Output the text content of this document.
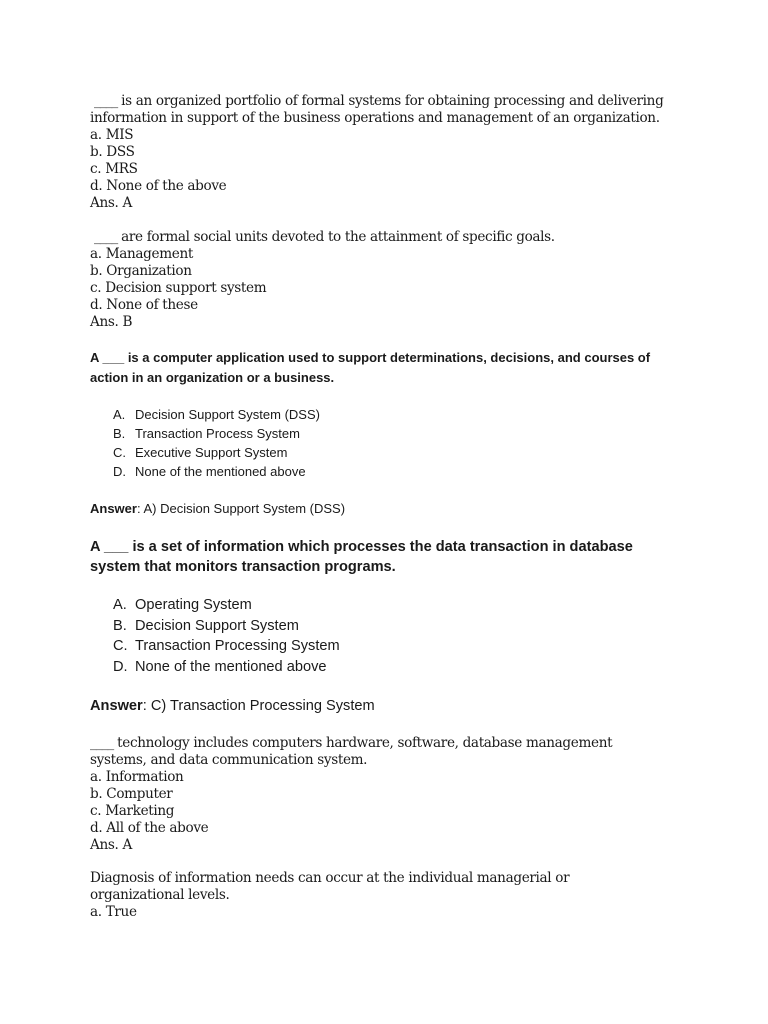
____ is an organized portfolio of formal systems for obtaining processing and delivering information in support of the business operations and management of an organization.

a. MIS

b. DSS

c. MRS

d. None of the above

Ans. A

____ are formal social units devoted to the attainment of specific goals.

a. Management

b. Organization

c. Decision support system

d. None of these

Ans. B

A ___ is a computer application used to support determinations, decisions, and courses of action in an organization or a business.

A. Decision Support System (DSS)
B. Transaction Process System
C. Executive Support System
D. None of the mentioned above
Answer: A) Decision Support System (DSS)

A ___ is a set of information which processes the data transaction in database system that monitors transaction programs.

A. Operating System
B. Decision Support System
C. Transaction Processing System
D. None of the mentioned above
Answer: C) Transaction Processing System

____ technology includes computers hardware, software, database management systems, and data communication system.

a. Information

b. Computer

c. Marketing

d. All of the above

Ans. A

Diagnosis of information needs can occur at the individual managerial or organizational levels.

a. True
